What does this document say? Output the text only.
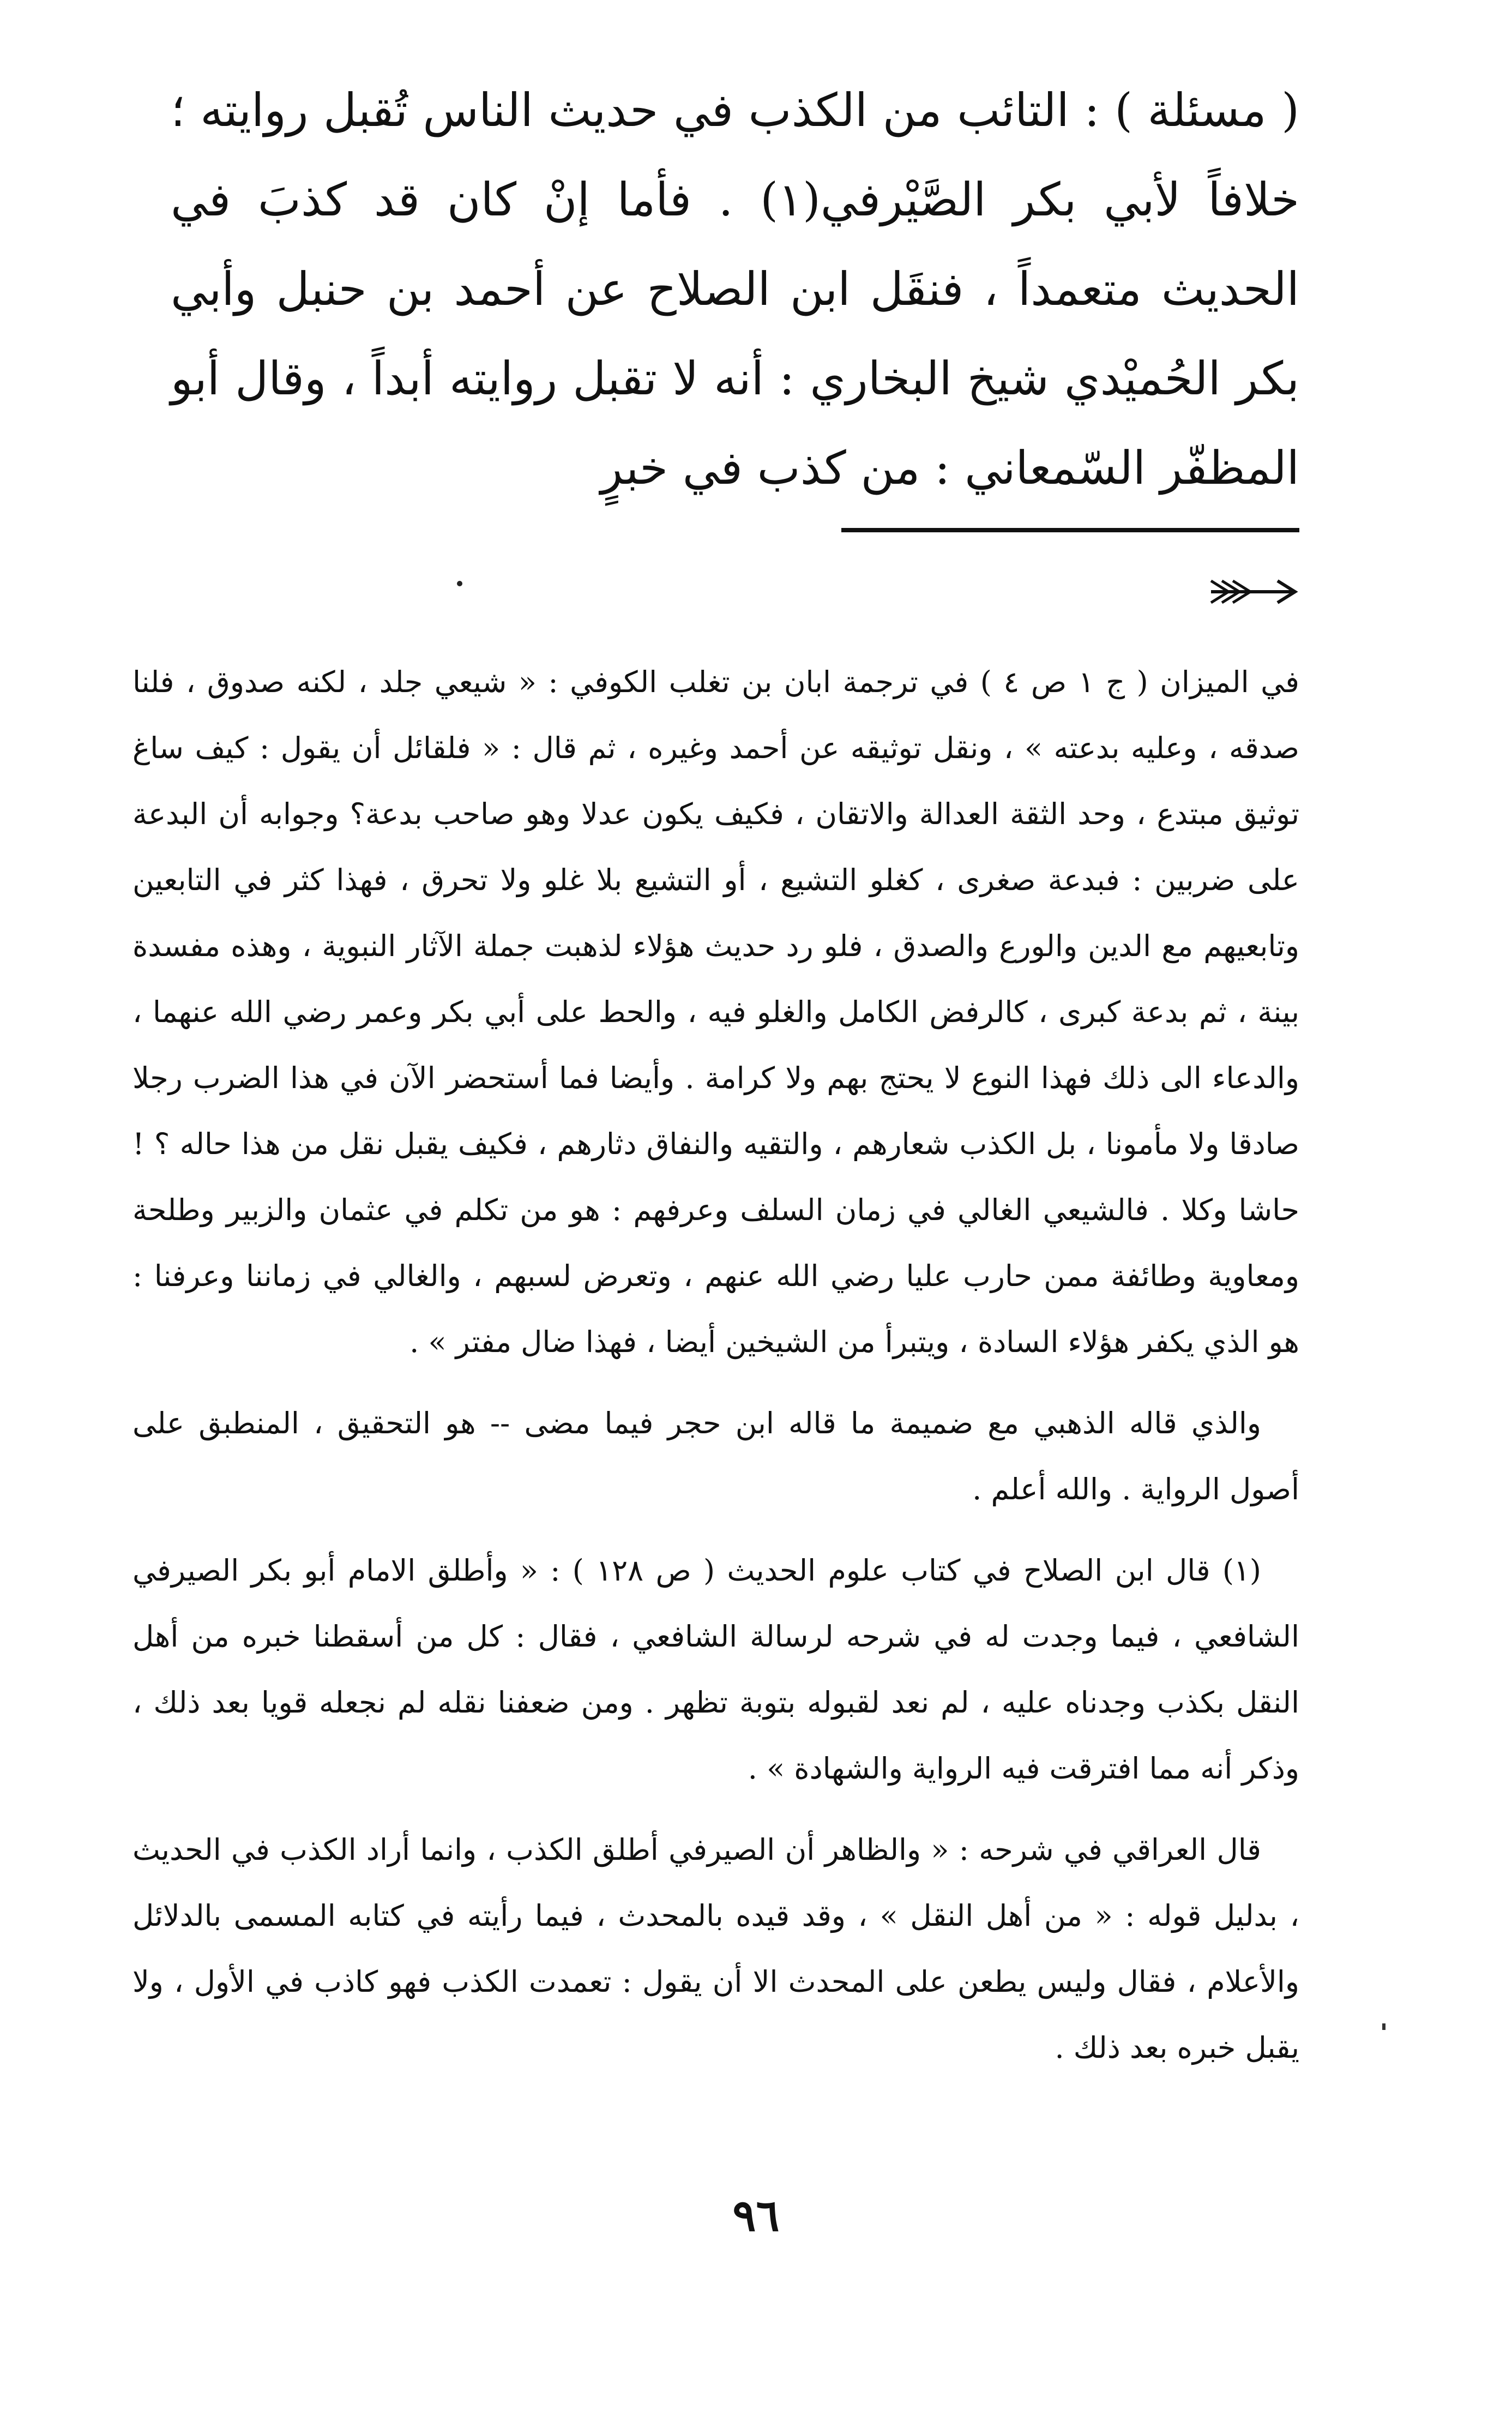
( مسئلة ) : التائب من الكذب في حديث الناس تُقبل روايته ؛ خلافاً لأبي بكر الصَّيْرفي(١) . فأما إنْ كان قد كذبَ في الحديث متعمداً ، فنقَل ابن الصلاح عن أحمد بن حنبل وأبي بكر الحُميْدي شيخ البخاري : أنه لا تقبل روايته أبداً ، وقال أبو المظفّر السّمعاني : من كذب في خبرٍ

في الميزان ( ج ١ ص ٤ ) في ترجمة ابان بن تغلب الكوفي : « شيعي جلد ، لكنه صدوق ، فلنا صدقه ، وعليه بدعته » ، ونقل توثيقه عن أحمد وغيره ، ثم قال : « فلقائل أن يقول : كيف ساغ توثيق مبتدع ، وحد الثقة العدالة والاتقان ، فكيف يكون عدلا وهو صاحب بدعة؟ وجوابه أن البدعة على ضربين : فبدعة صغرى ، كغلو التشيع ، أو التشيع بلا غلو ولا تحرق ، فهذا كثر في التابعين وتابعيهم مع الدين والورع والصدق ، فلو رد حديث هؤلاء لذهبت جملة الآثار النبوية ، وهذه مفسدة بينة ، ثم بدعة كبرى ، كالرفض الكامل والغلو فيه ، والحط على أبي بكر وعمر رضي الله عنهما ، والدعاء الى ذلك فهذا النوع لا يحتج بهم ولا كرامة . وأيضا فما أستحضر الآن في هذا الضرب رجلا صادقا ولا مأمونا ، بل الكذب شعارهم ، والتقيه والنفاق دثارهم ، فكيف يقبل نقل من هذا حاله ؟ ! حاشا وكلا . فالشيعي الغالي في زمان السلف وعرفهم : هو من تكلم في عثمان والزبير وطلحة ومعاوية وطائفة ممن حارب عليا رضي الله عنهم ، وتعرض لسبهم ، والغالي في زماننا وعرفنا : هو الذي يكفر هؤلاء السادة ، ويتبرأ من الشيخين أيضا ، فهذا ضال مفتر » .

والذي قاله الذهبي مع ضميمة ما قاله ابن حجر فيما مضى -- هو التحقيق ، المنطبق على أصول الرواية . والله أعلم .

(١) قال ابن الصلاح في كتاب علوم الحديث ( ص ١٢٨ ) : « وأطلق الامام أبو بكر الصيرفي الشافعي ، فيما وجدت له في شرحه لرسالة الشافعي ، فقال : كل من أسقطنا خبره من أهل النقل بكذب وجدناه عليه ، لم نعد لقبوله بتوبة تظهر . ومن ضعفنا نقله لم نجعله قويا بعد ذلك ، وذكر أنه مما افترقت فيه الرواية والشهادة » .

قال العراقي في شرحه : « والظاهر أن الصيرفي أطلق الكذب ، وانما أراد الكذب في الحديث ، بدليل قوله : « من أهل النقل » ، وقد قيده بالمحدث ، فيما رأيته في كتابه المسمى بالدلائل والأعلام ، فقال وليس يطعن على المحدث الا أن يقول : تعمدت الكذب فهو كاذب في الأول ، ولا يقبل خبره بعد ذلك .

٩٦
